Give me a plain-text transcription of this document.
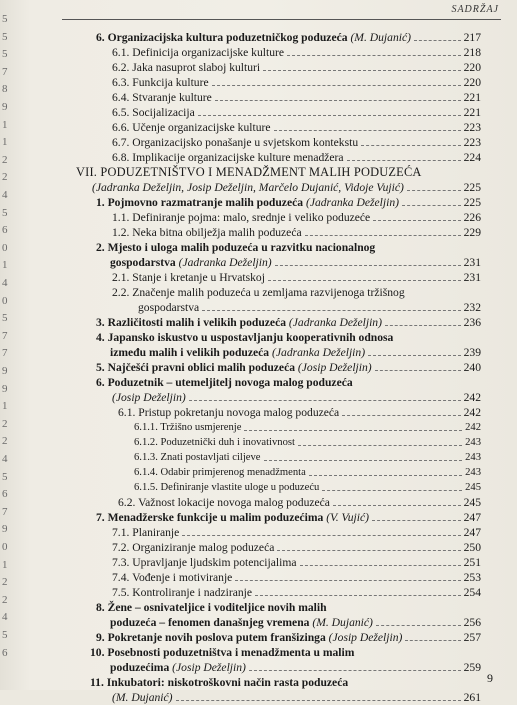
5
5
5
7
8
9
1
1
2
2
4
5
6
0
1
4
0
5
7
7
9
9
1
2
2
4
5
6
7
9
0
1
2
2
4
5
6
SADRŽAJ
6. Organizacijska kultura poduzetničkog poduzeća (M. Dujanić)	217
6.1. Definicija organizacijske kulture	218
6.2. Jaka nasuprot slaboj kulturi	220
6.3. Funkcija kulture	220
6.4. Stvaranje kulture	221
6.5. Socijalizacija	221
6.6. Učenje organizacijske kulture	223
6.7. Organizacijsko ponašanje u svjetskom kontekstu	223
6.8. Implikacije organizacijske kulture menadžera	224
VII. PODUZETNIŠTVO I MENADŽMENT MALIH PODUZEĆA
(Jadranka Deželjin, Josip Deželjin, Marčelo Dujanić, Vidoje Vujić)	225
1. Pojmovno razmatranje malih poduzeća (Jadranka Deželjin)	225
1.1. Definiranje pojma: malo, srednje i veliko poduzeće	226
1.2. Neka bitna obilježja malih poduzeća	229
2. Mjesto i uloga malih poduzeća u razvitku nacionalnog
gospodarstva (Jadranka Deželjin)	231
2.1. Stanje i kretanje u Hrvatskoj	231
2.2. Značenje malih poduzeća u zemljama razvijenoga tržišnog
gospodarstva	232
3. Različitosti malih i velikih poduzeća (Jadranka Deželjin)	236
4. Japansko iskustvo u uspostavljanju kooperativnih odnosa
između malih i velikih poduzeća (Jadranka Deželjin)	239
5. Najčešći pravni oblici malih poduzeća (Josip Deželjin)	240
6. Poduzetnik – utemeljitelj novoga malog poduzeća
(Josip Deželjin)	242
6.1. Pristup pokretanju novoga malog poduzeća	242
6.1.1. Tržišno usmjerenje	242
6.1.2. Poduzetnički duh i inovativnost	243
6.1.3. Znati postavljati ciljeve	243
6.1.4. Odabir primjerenog menadžmenta	243
6.1.5. Definiranje vlastite uloge u poduzeću	245
6.2. Važnost lokacije novoga malog poduzeća	245
7. Menadžerske funkcije u malim poduzećima (V. Vujić)	247
7.1. Planiranje	247
7.2. Organiziranje malog poduzeća	250
7.3. Upravljanje ljudskim potencijalima	251
7.4. Vođenje i motiviranje	253
7.5. Kontroliranje i nadziranje	254
8. Žene – osnivateljice i voditeljice novih malih
poduzeća – fenomen današnjeg vremena (M. Dujanić)	256
9. Pokretanje novih poslova putem franšizinga (Josip Deželjin)	257
10. Posebnosti poduzetništva i menadžmenta u malim
poduzećima (Josip Deželjin)	259
11. Inkubatori: niskotroškovni način rasta poduzeća
(M. Dujanić)	261
9
